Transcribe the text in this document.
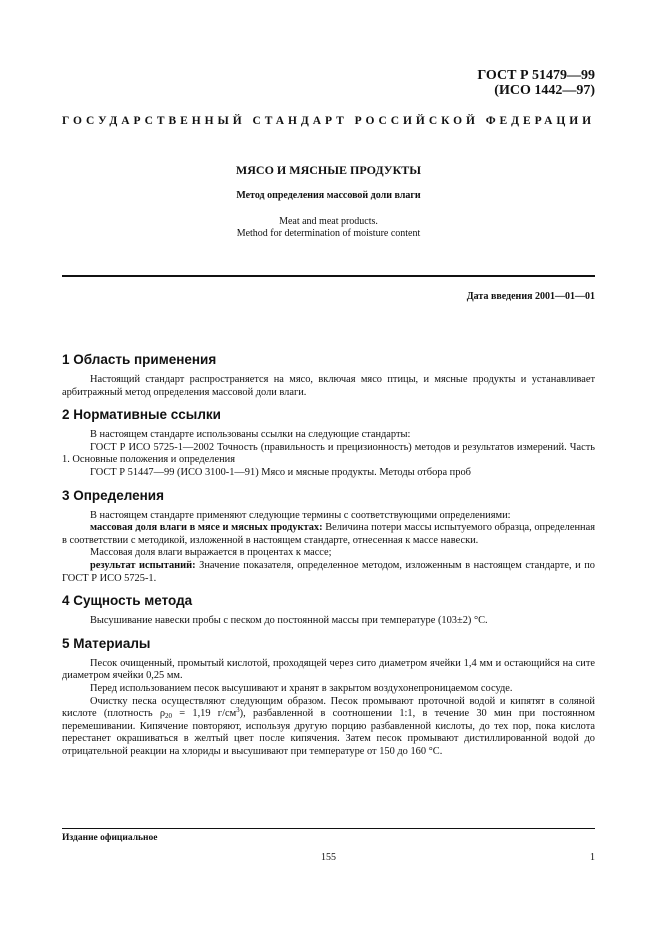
ГОСТ Р 51479—99
(ИСО 1442—97)
ГОСУДАРСТВЕННЫЙ СТАНДАРТ РОССИЙСКОЙ ФЕДЕРАЦИИ
МЯСО И МЯСНЫЕ ПРОДУКТЫ
Метод определения массовой доли влаги
Meat and meat products.
Method for determination of moisture content
Дата введения 2001—01—01
1 Область применения

Настоящий стандарт распространяется на мясо, включая мясо птицы, и мясные продукты и устанавливает арбитражный метод определения массовой доли влаги.

2 Нормативные ссылки

В настоящем стандарте использованы ссылки на следующие стандарты:

ГОСТ Р ИСО 5725-1—2002 Точность (правильность и прецизионность) методов и результатов измерений. Часть 1. Основные положения и определения

ГОСТ Р 51447—99 (ИСО 3100-1—91) Мясо и мясные продукты. Методы отбора проб

3 Определения

В настоящем стандарте применяют следующие термины с соответствующими определениями:

массовая доля влаги в мясе и мясных продуктах: Величина потери массы испытуемого образца, определенная в соответствии с методикой, изложенной в настоящем стандарте, отнесенная к массе навески.

Массовая доля влаги выражается в процентах к массе;

результат испытаний: Значение показателя, определенное методом, изложенным в настоящем стандарте, и по ГОСТ Р ИСО 5725-1.

4 Сущность метода

Высушивание навески пробы с песком до постоянной массы при температуре (103±2) °С.

5 Материалы

Песок очищенный, промытый кислотой, проходящей через сито диаметром ячейки 1,4 мм и остающийся на сите диаметром ячейки 0,25 мм.

Перед использованием песок высушивают и хранят в закрытом воздухонепроницаемом сосуде.

Очистку песка осуществляют следующим образом. Песок промывают проточной водой и кипятят в соляной кислоте (плотность $\rho_{20} = 1,19$ $г/см^3$), разбавленной в соотношении 1:1, в течение 30 мин при постоянном перемешивании. Кипячение повторяют, используя другую порцию разбавленной кислоты, до тех пор, пока кислота перестанет окрашиваться в желтый цвет после кипячения. Затем песок промывают дистиллированной водой до отрицательной реакции на хлориды и высушивают при температуре от 150 до 160 °С.

Издание официальное
155	1
